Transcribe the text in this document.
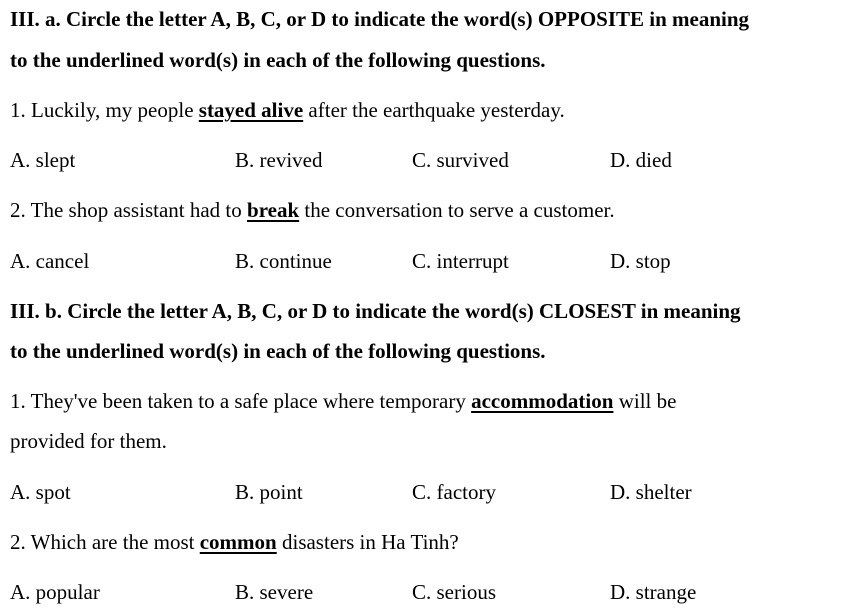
III. a. Circle the letter A, B, C, or D to indicate the word(s) OPPOSITE in meaning
to the underlined word(s) in each of the following questions.
1. Luckily, my people stayed alive after the earthquake yesterday.
A. slept	B. revived	C. survived	D. died
2. The shop assistant had to break the conversation to serve a customer.
A. cancel	B. continue	C. interrupt	D. stop
III. b. Circle the letter A, B, C, or D to indicate the word(s) CLOSEST in meaning
to the underlined word(s) in each of the following questions.
1. They've been taken to a safe place where temporary accommodation will be
provided for them.
A. spot	B. point	C. factory	D. shelter
2. Which are the most common disasters in Ha Tinh?
A. popular	B. severe	C. serious	D. strange
